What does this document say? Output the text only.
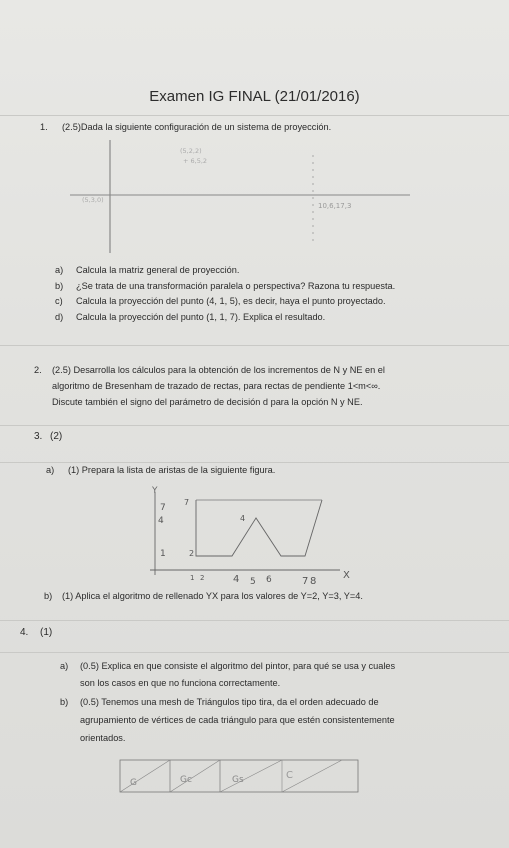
Examen IG FINAL (21/01/2016)
1. (2.5)Dada la siguiente configuración de un sistema de proyección.
(5,2,2)
+ 6,5,2
(5,3,0)
10,6,17,3
a) Calcula la matriz general de proyección.
b) ¿Se trata de una transformación paralela o perspectiva? Razona tu respuesta.
c) Calcula la proyección del punto (4, 1, 5), es decir, haya el punto proyectado.
d) Calcula la proyección del punto (1, 1, 7). Explica el resultado.
2. (2.5) Desarrolla los cálculos para la obtención de los incrementos de N y NE en el
algoritmo de Bresenham de trazado de rectas, para rectas de pendiente 1<m<∞.
Discute también el signo del parámetro de decisión d para la opción N y NE.
3. (2)
a) (1) Prepara la lista de aristas de la siguiente figura.
Y
X
7
4
1
1 2	4 5 6	7 8
7
4
2
b) (1) Aplica el algoritmo de rellenado YX para los valores de Y=2, Y=3, Y=4.
4. (1)
a) (0.5) Explica en que consiste el algoritmo del pintor, para qué se usa y cuales
son los casos en que no funciona correctamente.
b) (0.5) Tenemos una mesh de Triángulos tipo tira, da el orden adecuado de
agrupamiento de vértices de cada triángulo para que estén consistentemente
orientados.
G	Gc	Gs	C
